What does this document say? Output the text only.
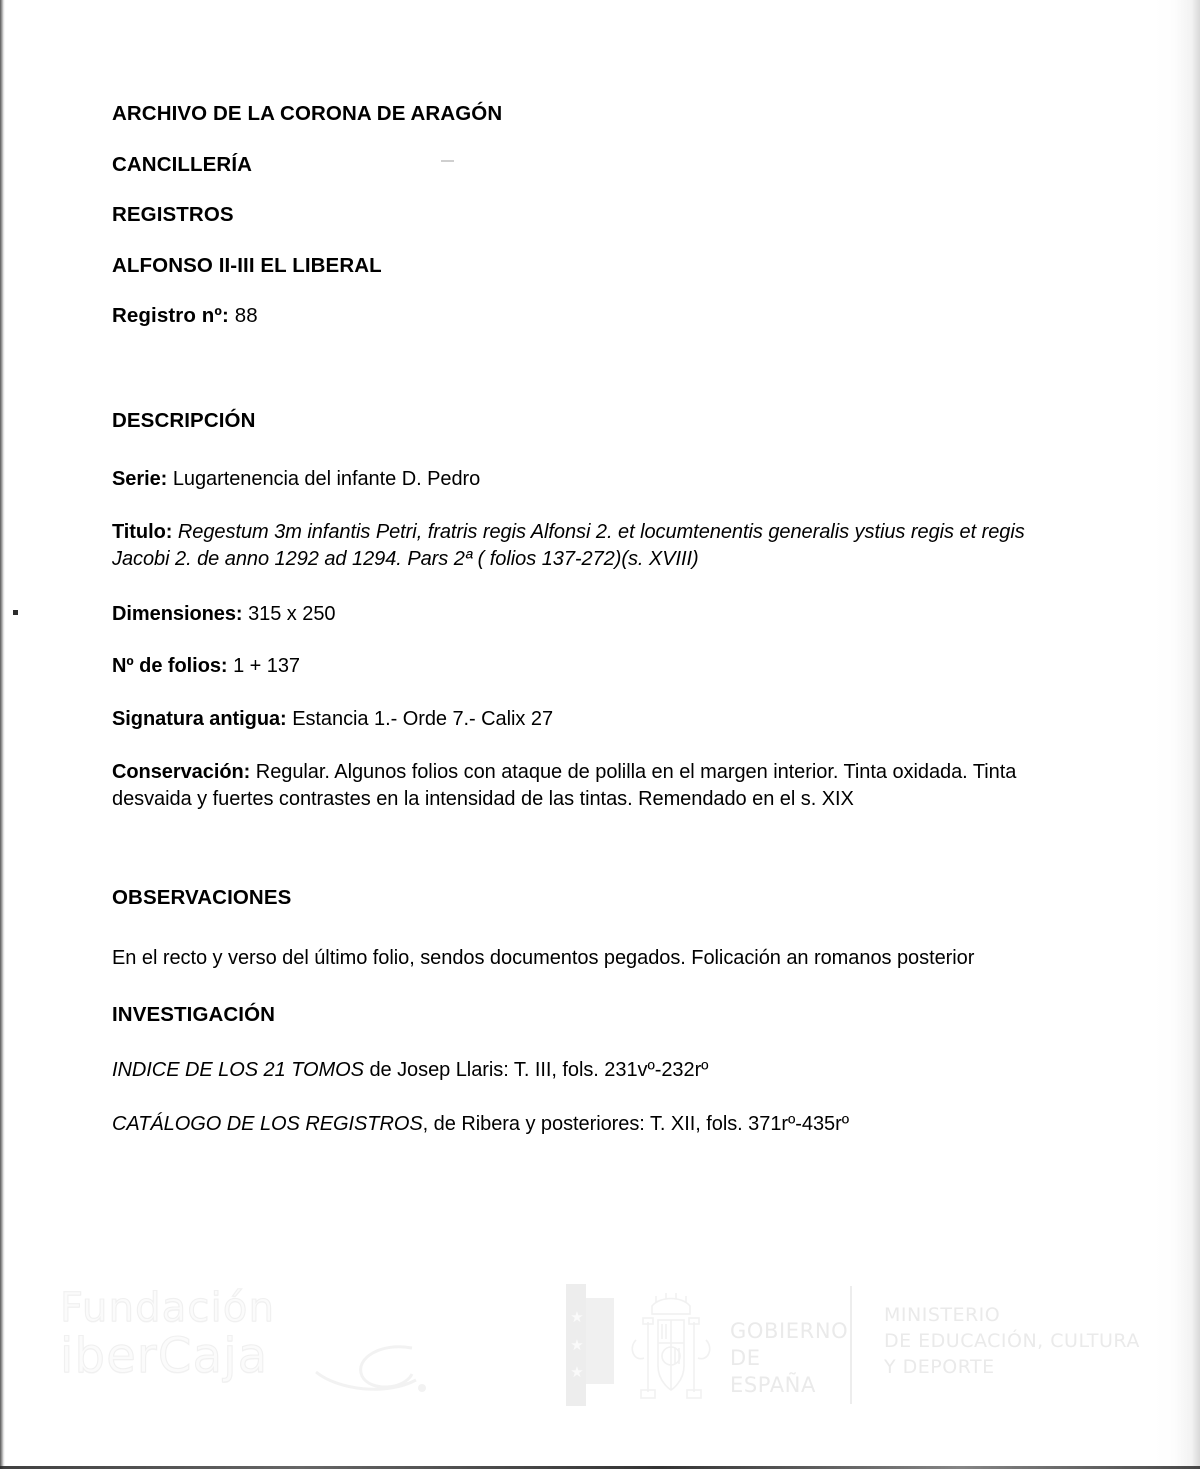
ARCHIVO DE LA CORONA DE ARAGÓN
CANCILLERÍA
REGISTROS
ALFONSO II-III EL LIBERAL
Registro nº: 88
DESCRIPCIÓN
Serie: Lugartenencia del infante D. Pedro
Titulo: Regestum 3m infantis Petri, fratris regis Alfonsi 2. et locumtenentis generalis ystius regis et regis Jacobi 2. de anno 1292 ad 1294. Pars 2ª ( folios 137-272)(s. XVIII)
Dimensiones: 315 x 250
Nº de folios: 1 + 137
Signatura antigua: Estancia 1.- Orde 7.- Calix 27
Conservación: Regular. Algunos folios con ataque de polilla en el margen interior. Tinta oxidada. Tinta desvaida y fuertes contrastes en la intensidad de las tintas. Remendado en el s. XIX
OBSERVACIONES
En el recto y verso del último folio, sendos documentos pegados. Folicación an romanos posterior
INVESTIGACIÓN
INDICE DE LOS 21 TOMOS de Josep Llaris: T. III, fols. 231vº-232rº
CATÁLOGO DE LOS REGISTROS, de Ribera y posteriores: T. XII, fols. 371rº-435rº
Fundación
iberCaja
★
★
★
GOBIERNO
DE ESPAÑA
MINISTERIO
DE EDUCACIÓN, CULTURA
Y DEPORTE
